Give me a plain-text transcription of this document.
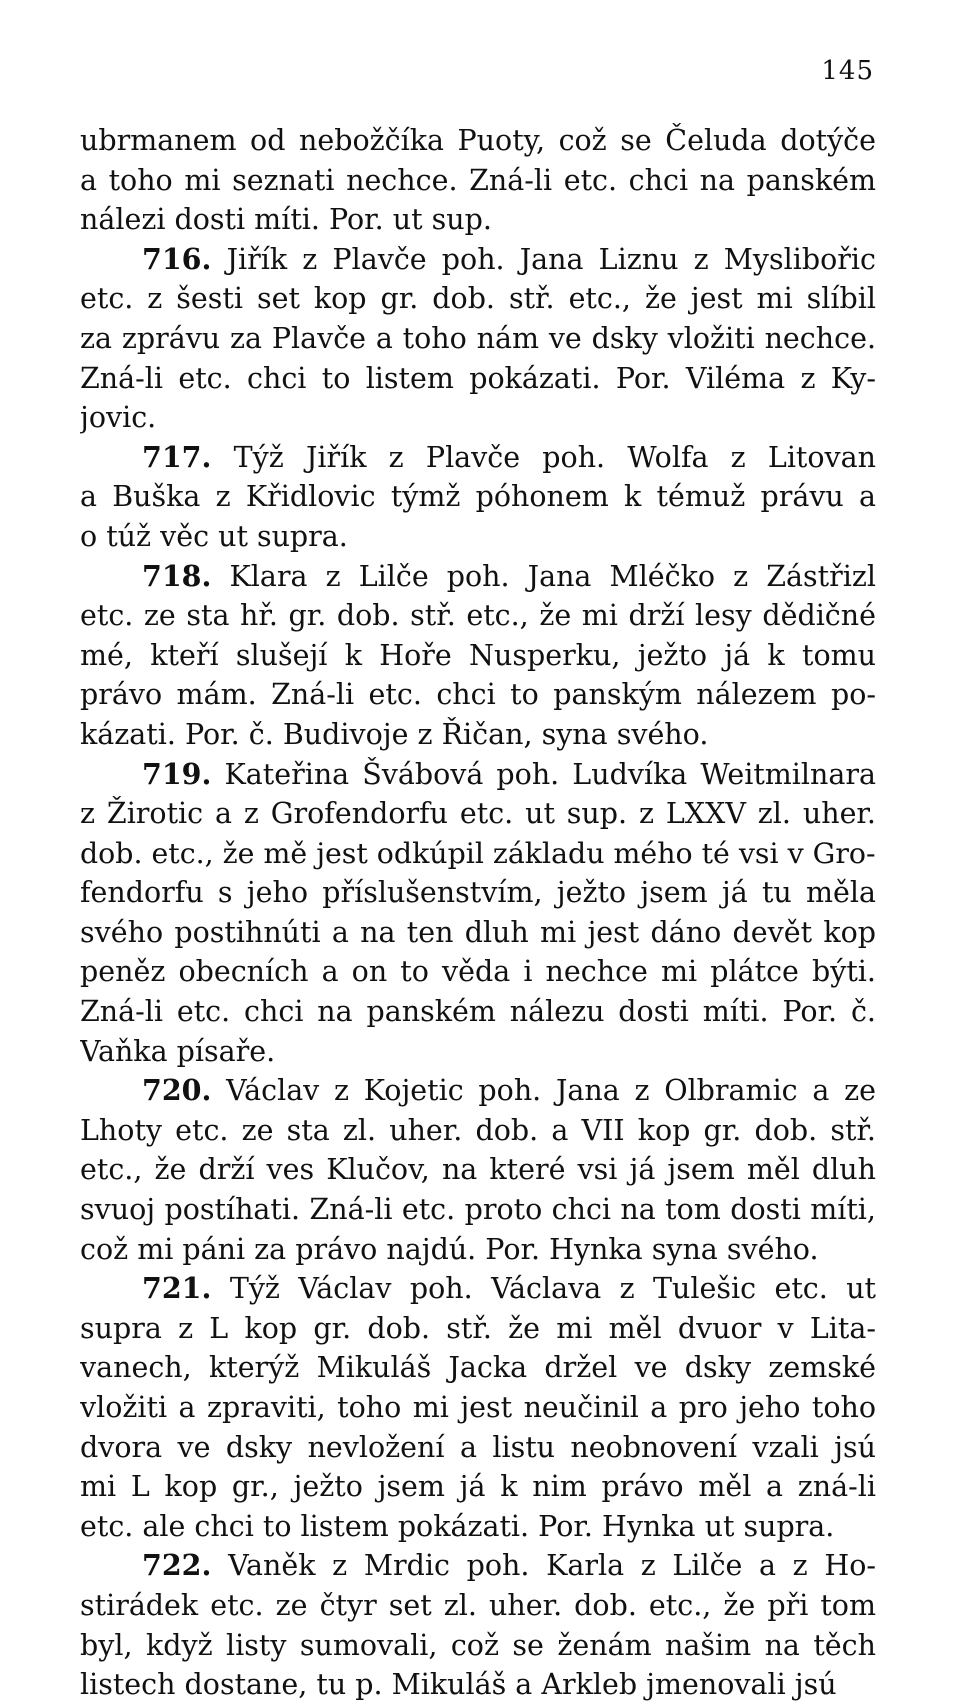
145
ubrmanem od nebožčíka Puoty, což se Čeluda dotýče
a toho mi seznati nechce. Zná-li etc. chci na panském
nálezi dosti míti. Por. ut sup.
716. Jiřík z Plavče poh. Jana Liznu z Myslibořic
etc. z šesti set kop gr. dob. stř. etc., že jest mi slíbil
za zprávu za Plavče a toho nám ve dsky vložiti nechce.
Zná-li etc. chci to listem pokázati. Por. Viléma z Ky-
jovic.
717. Týž Jiřík z Plavče poh. Wolfa z Litovan
a Buška z Křidlovic týmž póhonem k témuž právu a
o túž věc ut supra.
718. Klara z Lilče poh. Jana Mléčko z Zástřizl
etc. ze sta hř. gr. dob. stř. etc., že mi drží lesy dědičné
mé, kteří slušejí k Hoře Nusperku, ježto já k tomu
právo mám. Zná-li etc. chci to panským nálezem po-
kázati. Por. č. Budivoje z Řičan, syna svého.
719. Kateřina Švábová poh. Ludvíka Weitmilnara
z Žirotic a z Grofendorfu etc. ut sup. z LXXV zl. uher.
dob. etc., že mě jest odkúpil základu mého té vsi v Gro-
fendorfu s jeho příslušenstvím, ježto jsem já tu měla
svého postihnúti a na ten dluh mi jest dáno devět kop
peněz obecních a on to věda i nechce mi plátce býti.
Zná-li etc. chci na panském nálezu dosti míti. Por. č.
Vaňka písaře.
720. Václav z Kojetic poh. Jana z Olbramic a ze
Lhoty etc. ze sta zl. uher. dob. a VII kop gr. dob. stř.
etc., že drží ves Klučov, na které vsi já jsem měl dluh
svuoj postíhati. Zná-li etc. proto chci na tom dosti míti,
což mi páni za právo najdú. Por. Hynka syna svého.
721. Týž Václav poh. Václava z Tulešic etc. ut
supra z L kop gr. dob. stř. že mi měl dvuor v Lita-
vanech, kterýž Mikuláš Jacka držel ve dsky zemské
vložiti a zpraviti, toho mi jest neučinil a pro jeho toho
dvora ve dsky nevložení a listu neobnovení vzali jsú
mi L kop gr., ježto jsem já k nim právo měl a zná-li
etc. ale chci to listem pokázati. Por. Hynka ut supra.
722. Vaněk z Mrdic poh. Karla z Lilče a z Ho-
stirádek etc. ze čtyr set zl. uher. dob. etc., že při tom
byl, když listy sumovali, což se ženám našim na těch
listech dostane, tu p. Mikuláš a Arkleb jmenovali jsú
